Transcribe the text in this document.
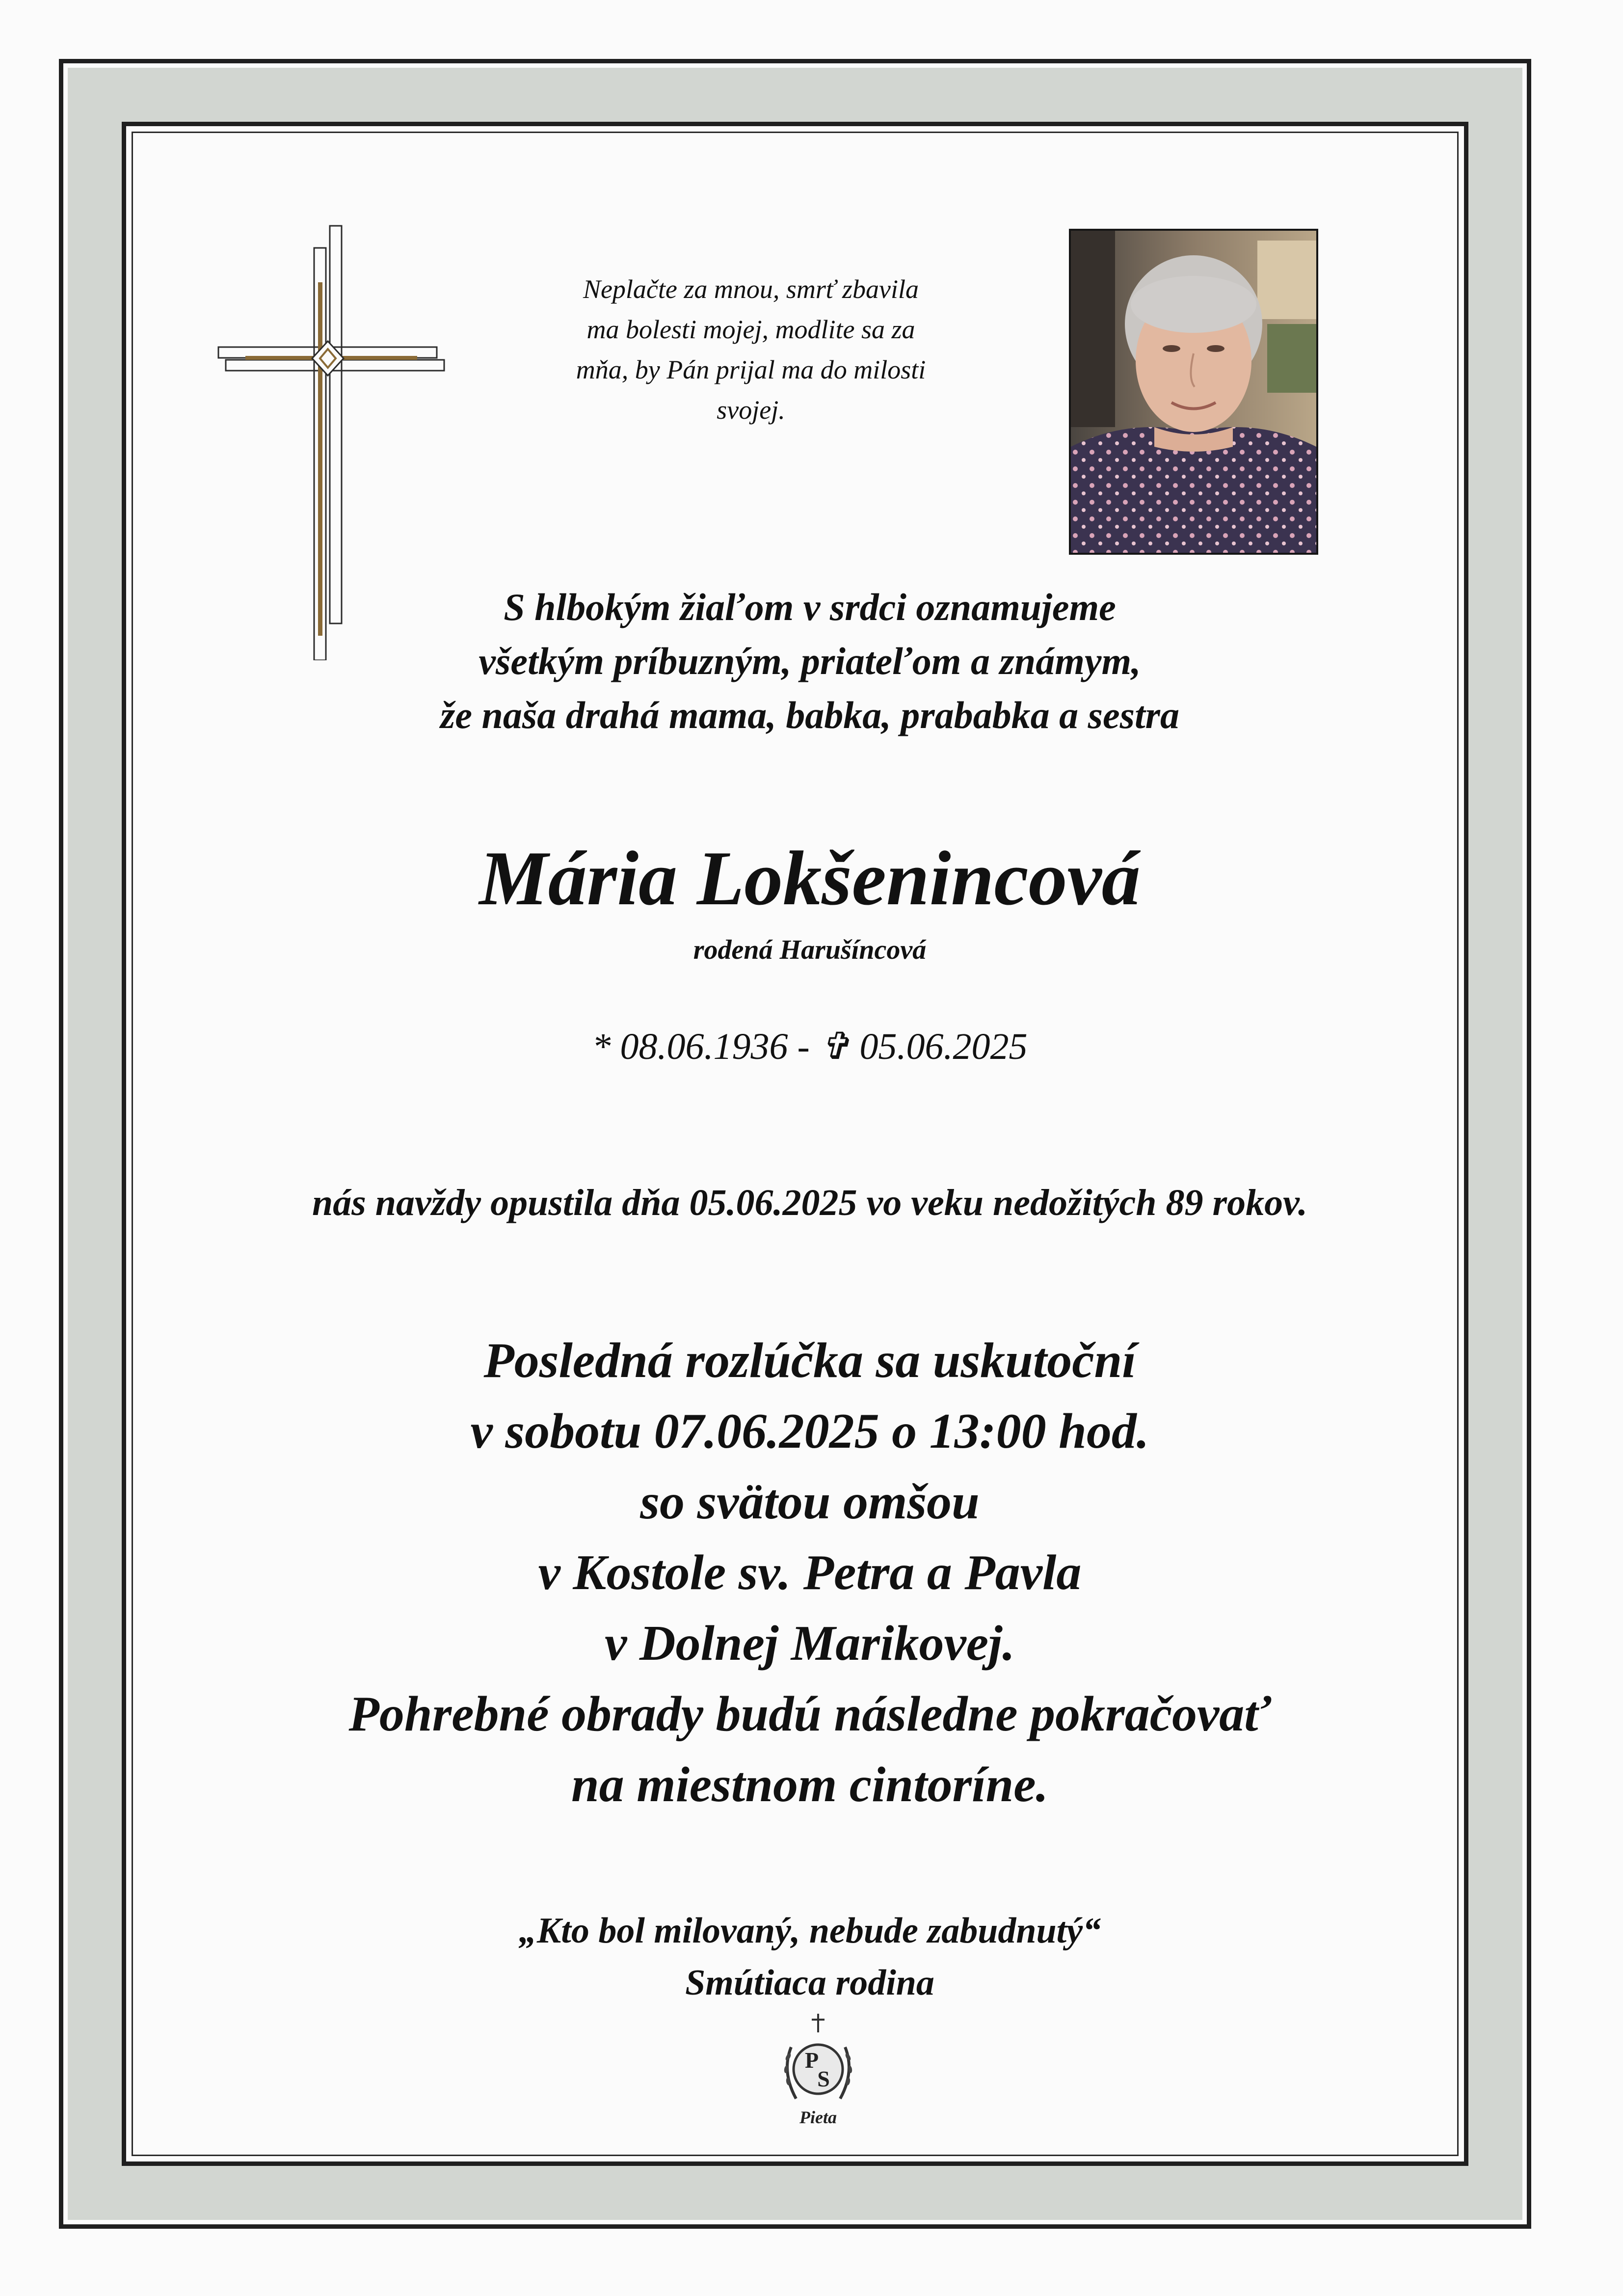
Neplačte za mnou, smrť zbavila
ma bolesti mojej, modlite sa za
mňa, by Pán prijal ma do milosti
svojej.
S hlbokým žiaľom v srdci oznamujeme
všetkým príbuzným, priateľom a známym,
že naša drahá mama, babka, prababka a sestra
Mária Lokšenincová
rodená Harušíncová
* 08.06.1936 - ✞ 05.06.2025
nás navždy opustila dňa 05.06.2025 vo veku nedožitých 89 rokov.
Posledná rozlúčka sa uskutoční
v sobotu 07.06.2025 o 13:00 hod.
so svätou omšou
v Kostole sv. Petra a Pavla
v Dolnej Marikovej.
Pohrebné obrady budú následne pokračovať
na miestnom cintoríne.
„Kto bol milovaný, nebude zabudnutý“
Smútiaca rodina
P
S
Pieta
